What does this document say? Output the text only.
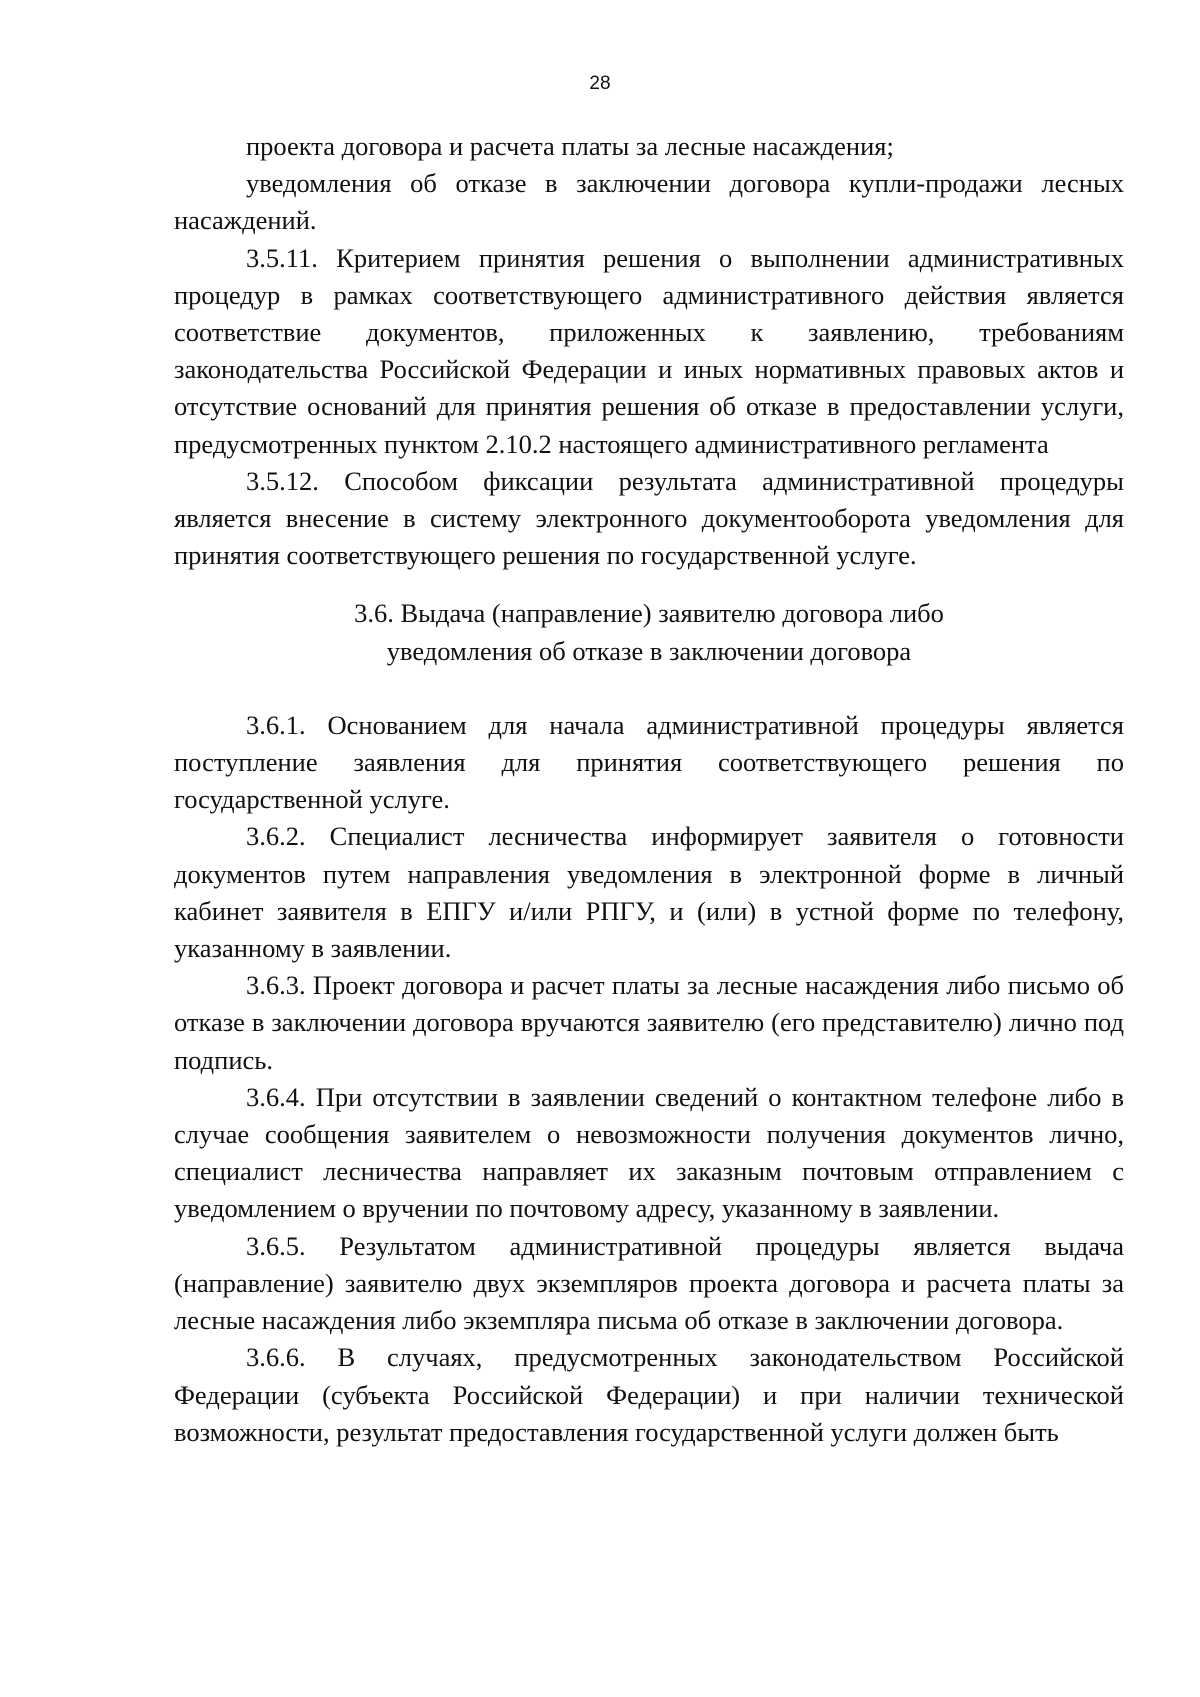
28

проекта договора и расчета платы за лесные насаждения;

уведомления об отказе в заключении договора купли-продажи лесных насаждений.

3.5.11. Критерием принятия решения о выполнении административных процедур в рамках соответствующего административного действия является соответствие документов, приложенных к заявлению, требованиям законодательства Российской Федерации и иных нормативных правовых актов и отсутствие оснований для принятия решения об отказе в предоставлении услуги, предусмотренных пунктом 2.10.2 настоящего административного регламента

3.5.12. Способом фиксации результата административной процедуры является внесение в систему электронного документооборота уведомления для принятия соответствующего решения по государственной услуге.

3.6. Выдача (направление) заявителю договора либо
уведомления об отказе в заключении договора

3.6.1. Основанием для начала административной процедуры является поступление заявления для принятия соответствующего решения по государственной услуге.

3.6.2. Специалист лесничества информирует заявителя о готовности документов путем направления уведомления в электронной форме в личный кабинет заявителя в ЕПГУ и/или РПГУ, и (или) в устной форме по телефону, указанному в заявлении.

3.6.3. Проект договора и расчет платы за лесные насаждения либо письмо об отказе в заключении договора вручаются заявителю (его представителю) лично под подпись.

3.6.4. При отсутствии в заявлении сведений о контактном телефоне либо в случае сообщения заявителем о невозможности получения документов лично, специалист лесничества направляет их заказным почтовым отправлением с уведомлением о вручении по почтовому адресу, указанному в заявлении.

3.6.5. Результатом административной процедуры является выдача (направление) заявителю двух экземпляров проекта договора и расчета платы за лесные насаждения либо экземпляра письма об отказе в заключении договора.

3.6.6. В случаях, предусмотренных законодательством Российской Федерации (субъекта Российской Федерации) и при наличии технической возможности, результат предоставления государственной услуги должен быть
